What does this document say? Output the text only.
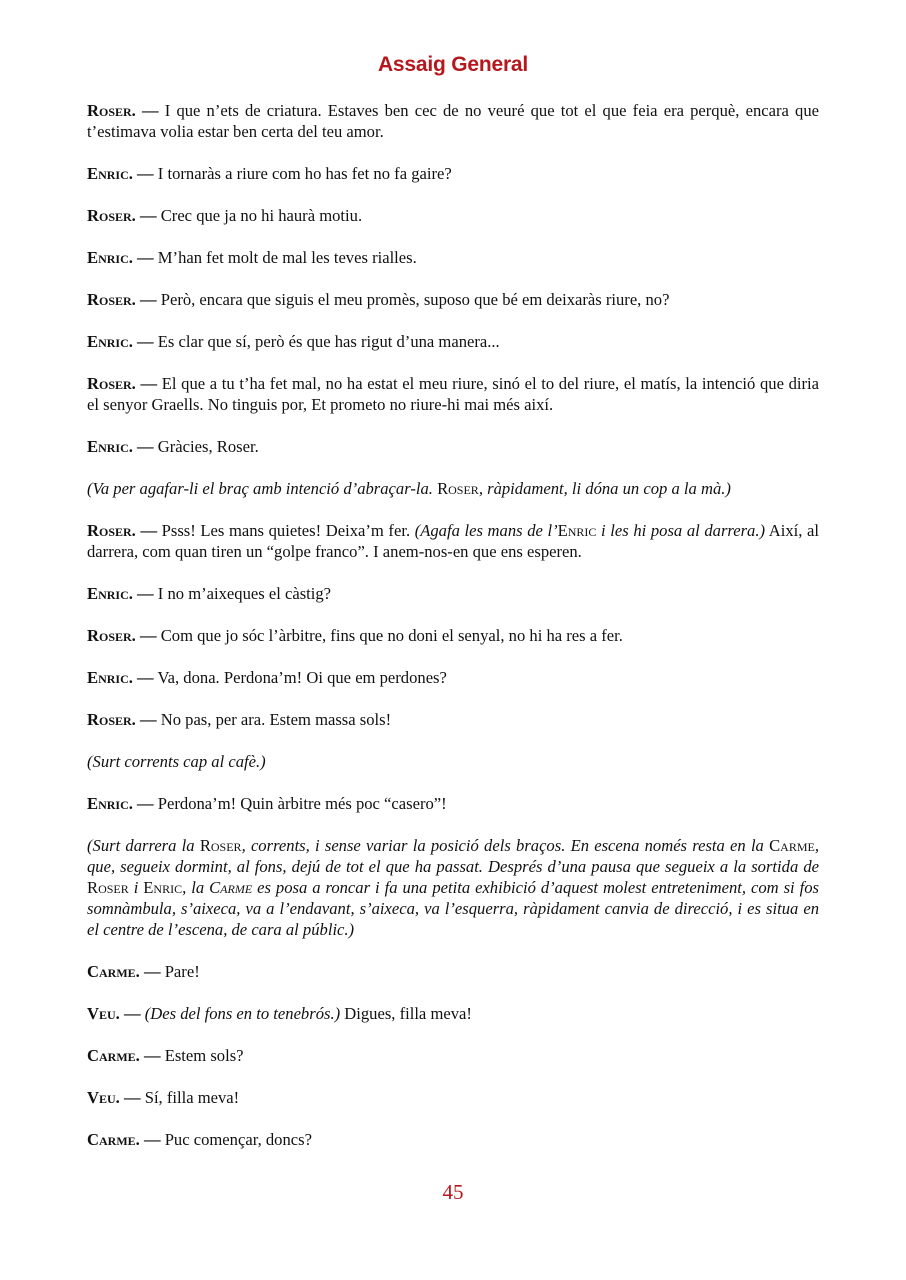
Assaig General

Roser. — I que n’ets de criatura. Estaves ben cec de no veuré que tot el que feia era perquè, encara que t’estimava volia estar ben certa del teu amor.

Enric. — I tornaràs a riure com ho has fet no fa gaire?

Roser. — Crec que ja no hi haurà motiu.

Enric. — M’han fet molt de mal les teves rialles.

Roser. — Però, encara que siguis el meu promès, suposo que bé em deixaràs riure, no?

Enric. — Es clar que sí, però és que has rigut d’una manera...

Roser. — El que a tu t’ha fet mal, no ha estat el meu riure, sinó el to del riure, el matís, la intenció que diria el senyor Graells. No tinguis por, Et prometo no riure-hi mai més així.

Enric. — Gràcies, Roser.

(Va per agafar-li el braç amb intenció d’abraçar-la. Roser, ràpidament, li dóna un cop a la mà.)

Roser. — Psss! Les mans quietes! Deixa’m fer. (Agafa les mans de l’Enric i les hi posa al darrera.) Així, al darrera, com quan tiren un “golpe franco”. I anem-nos-en que ens esperen.

Enric. — I no m’aixeques el càstig?

Roser. — Com que jo sóc l’àrbitre, fins que no doni el senyal, no hi ha res a fer.

Enric. — Va, dona. Perdona’m! Oi que em perdones?

Roser. — No pas, per ara. Estem massa sols!

(Surt corrents cap al cafè.)

Enric. — Perdona’m! Quin àrbitre més poc “casero”!

(Surt darrera la Roser, corrents, i sense variar la posició dels braços. En escena només resta en la Carme, que, segueix dormint, al fons, dejú de tot el que ha passat. Després d’una pausa que segueix a la sortida de Roser i Enric, la Carme es posa a roncar i fa una petita exhibició d’aquest molest entreteniment, com si fos somnàmbula, s’aixeca, va a l’endavant, s’aixeca, va l’esquerra, ràpidament canvia de direcció, i es situa en el centre de l’escena, de cara al públic.)

Carme. — Pare!

Veu. — (Des del fons en to tenebrós.) Digues, filla meva!

Carme. — Estem sols?

Veu. — Sí, filla meva!

Carme. — Puc començar, doncs?

45
